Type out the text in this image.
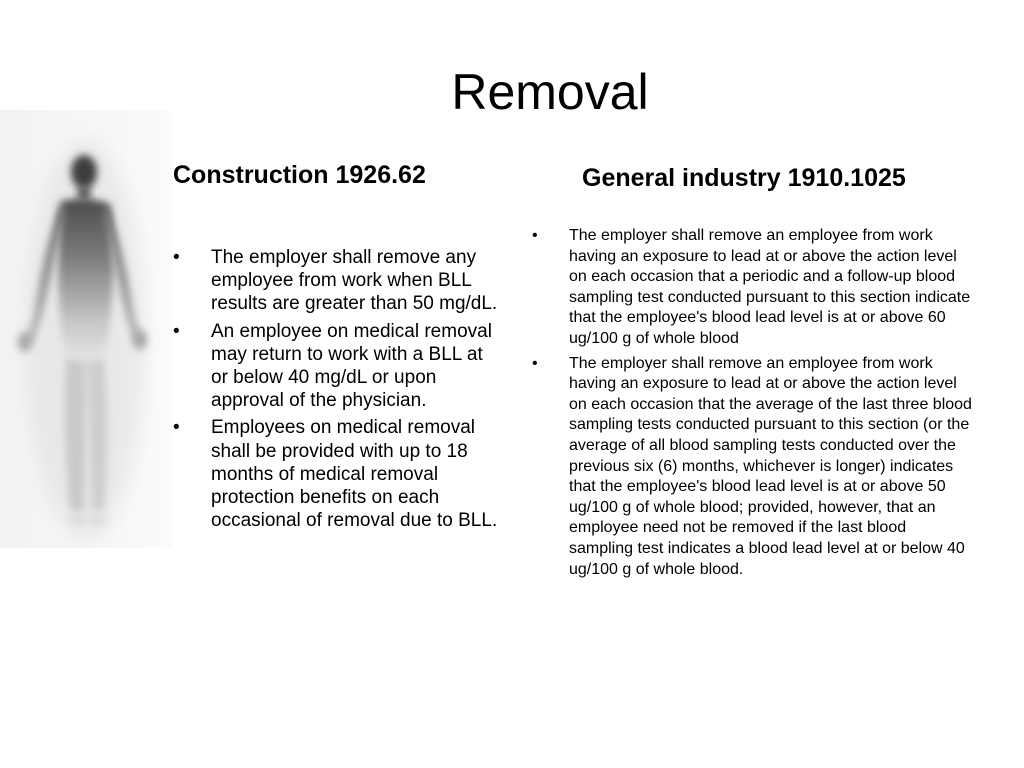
Removal
Construction 1926.62	General industry 1910.1025
• The employer shall remove any employee from work when BLL results are greater than 50 mg/dL.
• An employee on medical removal may return to work with a BLL at or below 40 mg/dL or upon approval of the physician.
• Employees on medical removal shall be provided with up to 18 months of medical removal protection benefits on each occasional of removal due to BLL.
• The employer shall remove an employee from work having an exposure to lead at or above the action level on each occasion that a periodic and a follow-up blood sampling test conducted pursuant to this section indicate that the employee's blood lead level is at or above 60 ug/100 g of whole blood
• The employer shall remove an employee from work having an exposure to lead at or above the action level on each occasion that the average of the last three blood sampling tests conducted pursuant to this section (or the average of all blood sampling tests conducted over the previous six (6) months, whichever is longer) indicates that the employee's blood lead level is at or above 50 ug/100 g of whole blood; provided, however, that an employee need not be removed if the last blood sampling test indicates a blood lead level at or below 40 ug/100 g of whole blood.
